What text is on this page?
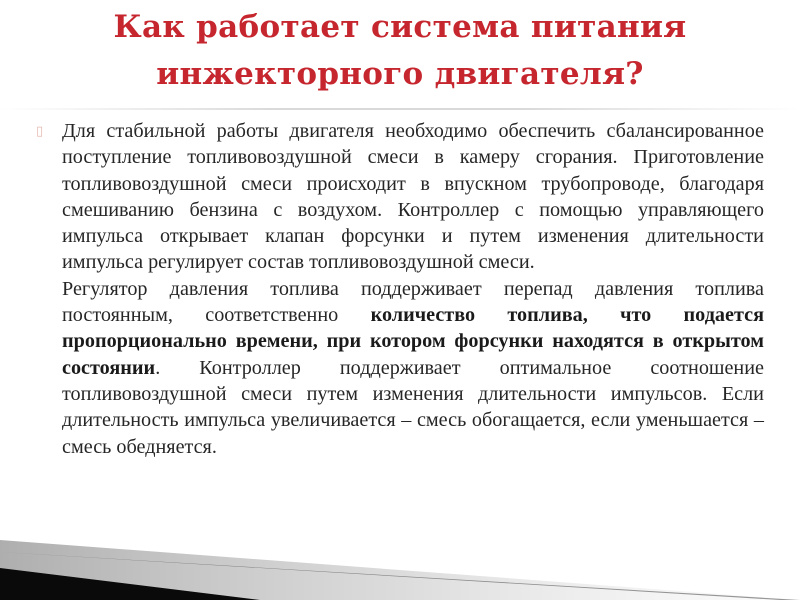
Как работает система питания
инжекторного двигателя?
▯ Для стабильной работы двигателя необходимо обеспечить сбалансированное поступление топливовоздушной смеси в камеру сгорания. Приготовление топливовоздушной смеси происходит в впускном трубопроводе, благодаря смешиванию бензина с воздухом. Контроллер с помощью управляющего импульса открывает клапан форсунки и путем изменения длительности импульса регулирует состав топливовоздушной смеси.

Регулятор давления топлива поддерживает перепад давления топлива постоянным, соответственно количество топлива, что подается пропорционально времени, при котором форсунки находятся в открытом состоянии. Контроллер поддерживает оптимальное соотношение топливовоздушной смеси путем изменения длительности импульсов. Если длительность импульса увеличивается – смесь обогащается, если уменьшается – смесь обедняется.
